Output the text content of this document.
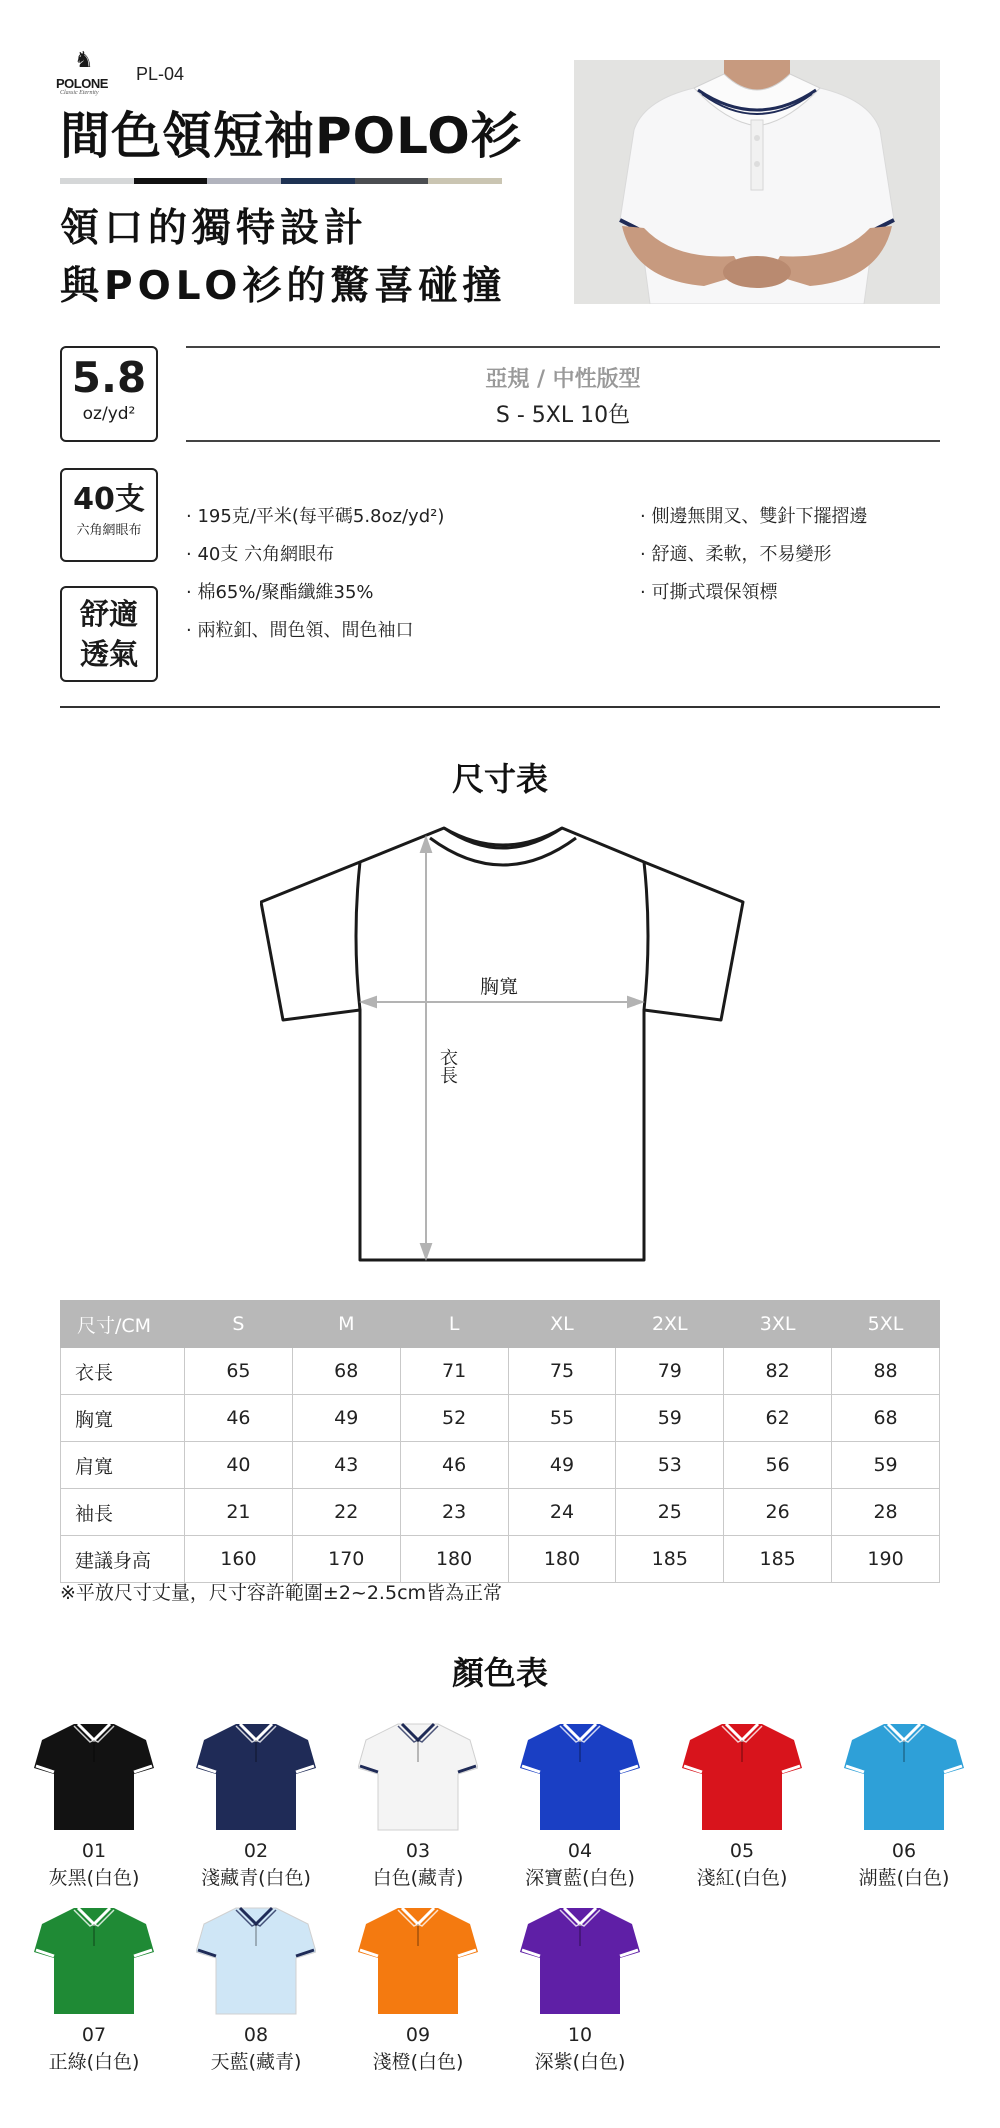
♞
POLONE
Classic Eternity
PL-04
間色領短袖POLO衫
領口的獨特設計
與POLO衫的驚喜碰撞
5.8
oz/yd²
40支
六角網眼布
舒適
透氣
亞規 / 中性版型
S - 5XL 10色
· 195克/平米(每平碼5.8oz/yd²)
· 40支 六角網眼布
· 棉65%/聚酯纖維35%
· 兩粒釦、間色領、間色袖口
· 側邊無開叉、雙針下擺摺邊
· 舒適、柔軟，不易變形
· 可撕式環保領標
尺寸表
胸寬
衣長
尺寸/CM	S	M	L	XL	2XL	3XL	5XL
衣長	65	68	71	75	79	82	88
胸寬	46	49	52	55	59	62	68
肩寬	40	43	46	49	53	56	59
袖長	21	22	23	24	25	26	28
建議身高	160	170	180	180	185	185	190
※平放尺寸丈量，尺寸容許範圍±2~2.5cm皆為正常
顏色表
01
灰黑(白色)
02
淺藏青(白色)
03
白色(藏青)
04
深寶藍(白色)
05
淺紅(白色)
06
湖藍(白色)
07
正綠(白色)
08
天藍(藏青)
09
淺橙(白色)
10
深紫(白色)
